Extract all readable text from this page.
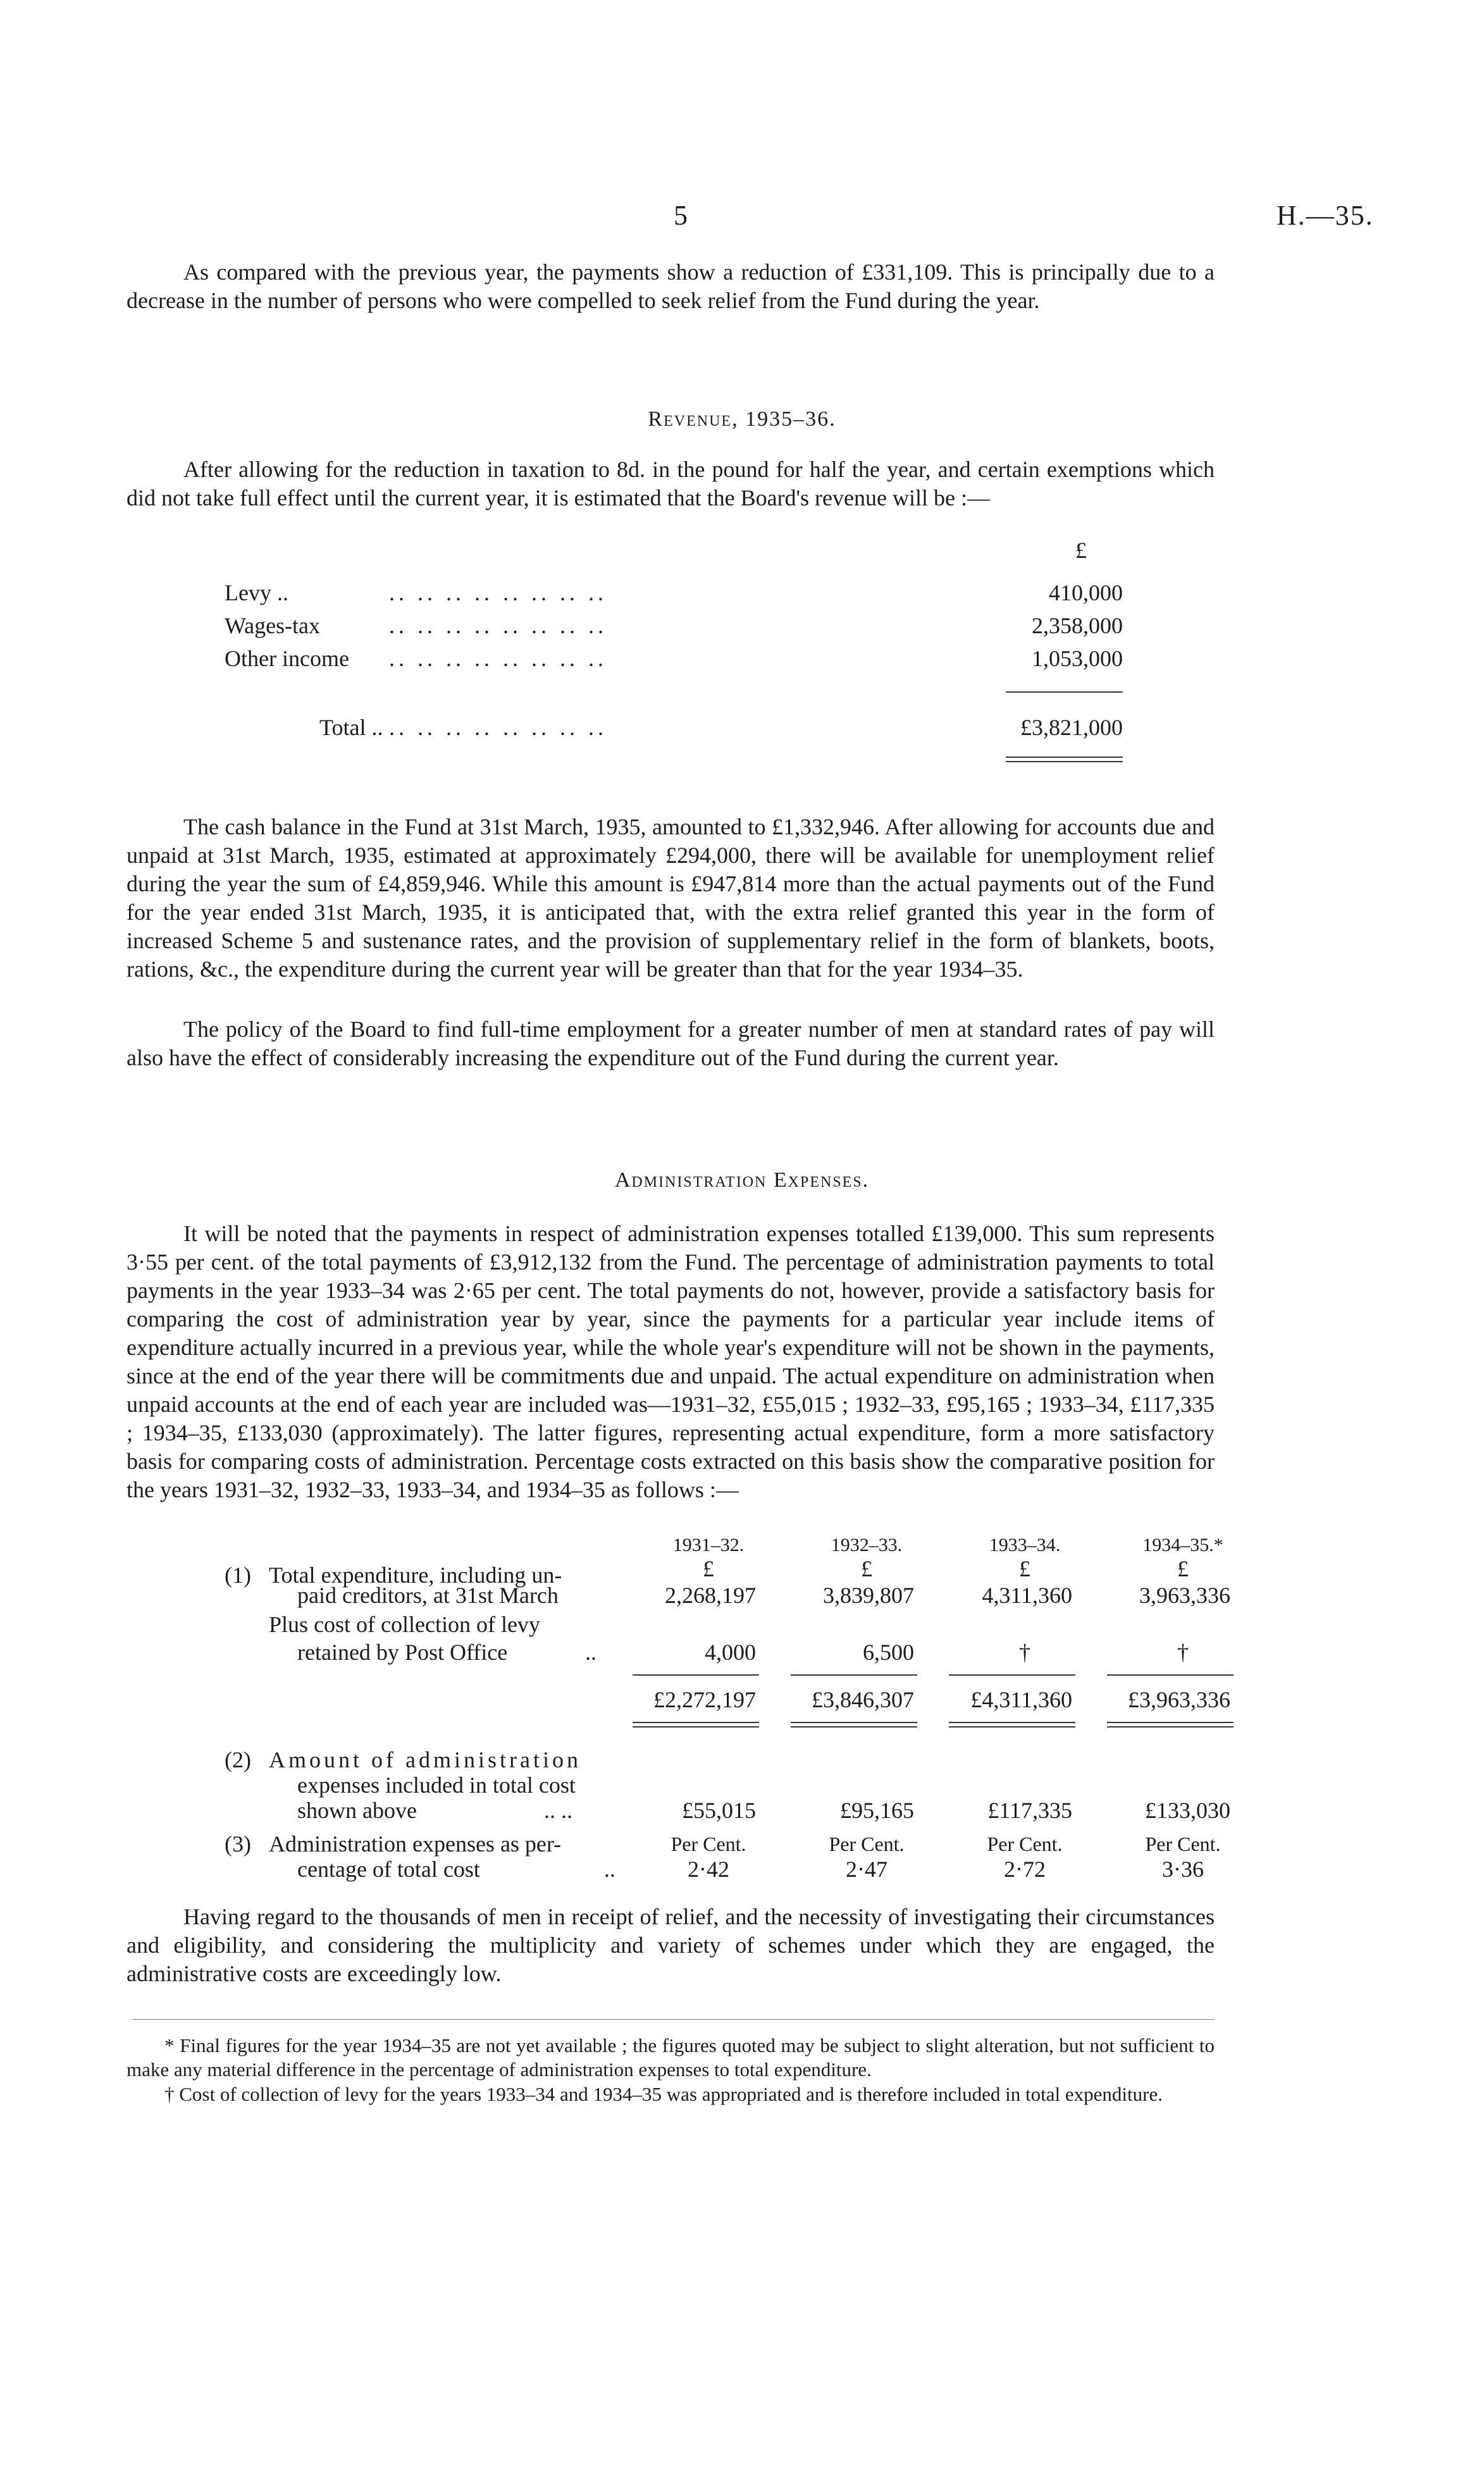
5	H.—35.

As compared with the previous year, the payments show a reduction of £331,109. This is principally due to a decrease in the number of persons who were compelled to seek relief from the Fund during the year.

Revenue, 1935–36.

After allowing for the reduction in taxation to 8d. in the pound for half the year, and certain exemptions which did not take full effect until the current year, it is estimated that the Board's revenue will be :—

£
Levy ..	.. .. .. .. .. .. .. ..	410,000
Wages-tax	.. .. .. .. .. .. .. ..	2,358,000
Other income .. .. .. .. .. .. .. ..	1,053,000
Total .. .. .. .. .. .. .. .. ..	£3,821,000

The cash balance in the Fund at 31st March, 1935, amounted to £1,332,946. After allowing for accounts due and unpaid at 31st March, 1935, estimated at approximately £294,000, there will be available for unemployment relief during the year the sum of £4,859,946. While this amount is £947,814 more than the actual payments out of the Fund for the year ended 31st March, 1935, it is anticipated that, with the extra relief granted this year in the form of increased Scheme 5 and sustenance rates, and the provision of supplementary relief in the form of blankets, boots, rations, &c., the expenditure during the current year will be greater than that for the year 1934–35.

The policy of the Board to find full-time employment for a greater number of men at standard rates of pay will also have the effect of considerably increasing the expenditure out of the Fund during the current year.

Administration Expenses.

It will be noted that the payments in respect of administration expenses totalled £139,000. This sum represents 3·55 per cent. of the total payments of £3,912,132 from the Fund. The percentage of administration payments to total payments in the year 1933–34 was 2·65 per cent. The total payments do not, however, provide a satisfactory basis for comparing the cost of administration year by year, since the payments for a particular year include items of expenditure actually incurred in a previous year, while the whole year's expenditure will not be shown in the payments, since at the end of the year there will be commitments due and unpaid. The actual expenditure on administration when unpaid accounts at the end of each year are included was—1931–32, £55,015 ; 1932–33, £95,165 ; 1933–34, £117,335 ; 1934–35, £133,030 (approximately). The latter figures, representing actual expenditure, form a more satisfactory basis for comparing costs of administration. Percentage costs extracted on this basis show the comparative position for the years 1931–32, 1932–33, 1933–34, and 1934–35 as follows :—

1931–32.	1932–33.	1933–34.	1934–35.*
£	£	£	£
(1) Total expenditure, including un-
paid creditors, at 31st March	2,268,197	3,839,807	4,311,360	3,963,336
Plus cost of collection of levy
retained by Post Office	..	4,000	6,500	†	†
£2,272,197	£3,846,307	£4,311,360	£3,963,336
(2) Amount of administration
expenses included in total cost
shown above	.. ..	£55,015	£95,165	£117,335	£133,030
(3) Administration expenses as per-
centage of total cost	..
Per Cent.	Per Cent.	Per Cent.	Per Cent.
2·42	2·47	2·72	3·36

Having regard to the thousands of men in receipt of relief, and the necessity of investigating their circumstances and eligibility, and considering the multiplicity and variety of schemes under which they are engaged, the administrative costs are exceedingly low.

* Final figures for the year 1934–35 are not yet available ; the figures quoted may be subject to slight alteration, but not sufficient to make any material difference in the percentage of administration expenses to total expenditure.

† Cost of collection of levy for the years 1933–34 and 1934–35 was appropriated and is therefore included in total expenditure.
